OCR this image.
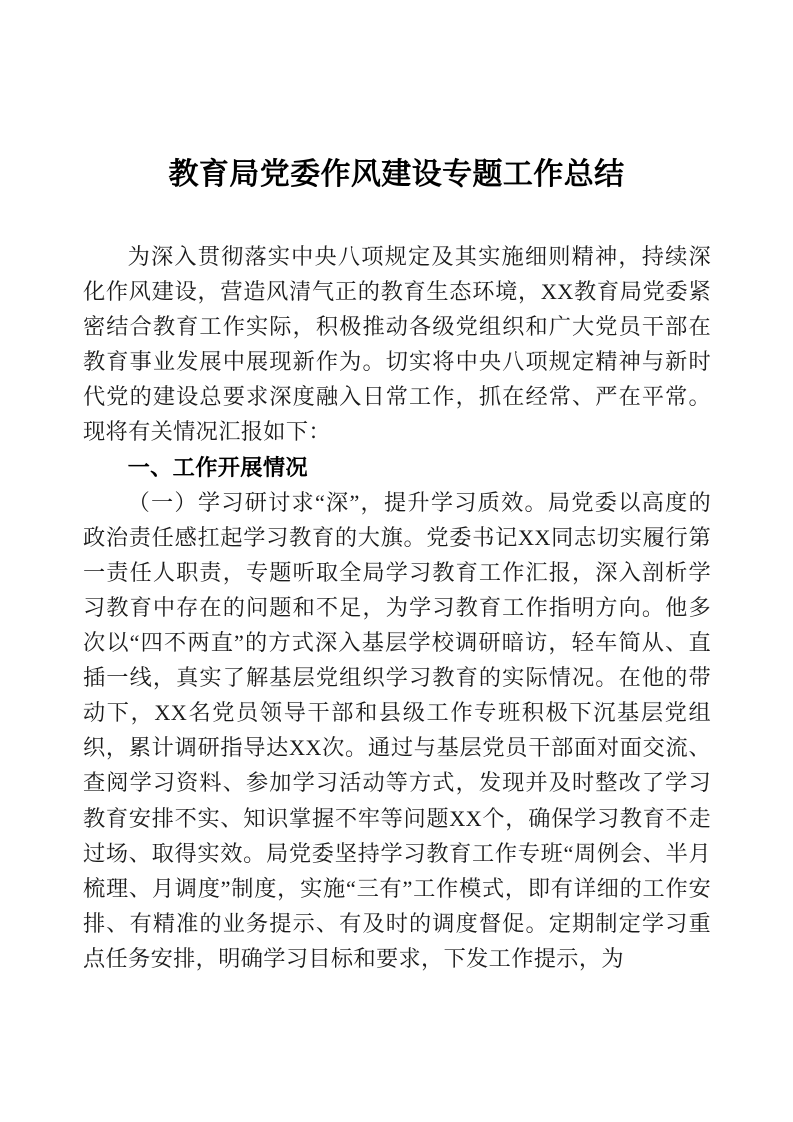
教育局党委作风建设专题工作总结

为深入贯彻落实中央八项规定及其实施细则精神，持续深化作风建设，营造风清气正的教育生态环境，XX教育局党委紧密结合教育工作实际，积极推动各级党组织和广大党员干部在教育事业发展中展现新作为。切实将中央八项规定精神与新时代党的建设总要求深度融入日常工作，抓在经常、严在平常。现将有关情况汇报如下：

一、工作开展情况

（一）学习研讨求“深”，提升学习质效。局党委以高度的政治责任感扛起学习教育的大旗。党委书记XX同志切实履行第一责任人职责，专题听取全局学习教育工作汇报，深入剖析学习教育中存在的问题和不足，为学习教育工作指明方向。他多次以“四不两直”的方式深入基层学校调研暗访，轻车简从、直插一线，真实了解基层党组织学习教育的实际情况。在他的带动下，XX名党员领导干部和县级工作专班积极下沉基层党组织，累计调研指导达XX次。通过与基层党员干部面对面交流、查阅学习资料、参加学习活动等方式，发现并及时整改了学习教育安排不实、知识掌握不牢等问题XX个，确保学习教育不走过场、取得实效。局党委坚持学习教育工作专班“周例会、半月梳理、月调度”制度，实施“三有”工作模式，即有详细的工作安排、有精准的业务提示、有及时的调度督促。定期制定学习重点任务安排，明确学习目标和要求，下发工作提示，为
